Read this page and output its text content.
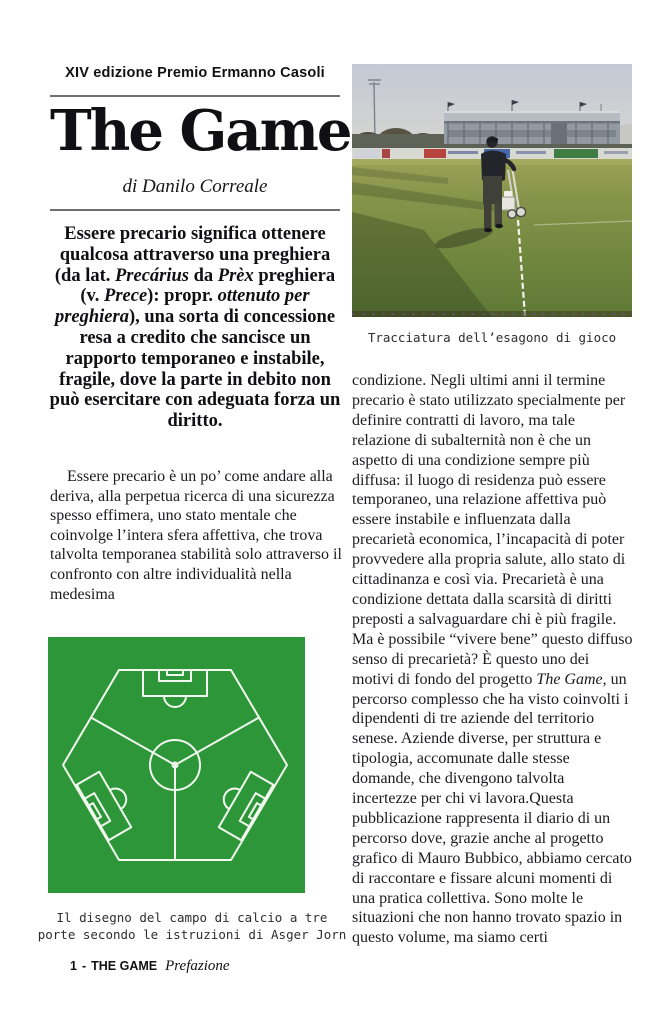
XIV edizione Premio Ermanno Casoli
The Game
di Danilo Correale
Essere precario significa ottenere qualcosa attraverso una preghiera (da lat. Precárius da Prèx preghiera (v. Prece): propr. ottenuto per preghiera), una sorta di concessione resa a credito che sancisce un rapporto temporaneo e instabile, fragile, dove la parte in debito non può esercitare con adeguata forza un diritto.
Essere precario è un po’ come andare alla deriva, alla perpetua ricerca di una sicurezza spesso effimera, uno stato mentale che coinvolge l’intera sfera affettiva, che trova talvolta temporanea stabilità solo attraverso il confronto con altre individualità nella medesima
Il disegno del campo di calcio a tre porte secondo le istruzioni di Asger Jorn
Tracciatura dell’esagono di gioco
condizione. Negli ultimi anni il termine precario è stato utilizzato specialmente per definire contratti di lavoro, ma tale relazione di subalternità non è che un aspetto di una condizione sempre più diffusa: il luogo di residenza può essere temporaneo, una relazione affettiva può essere instabile e influenzata dalla precarietà economica, l’incapacità di poter provvedere alla propria salute, allo stato di cittadinanza e così via. Precarietà è una condizione dettata dalla scarsità di diritti preposti a salvaguardare chi è più fragile. Ma è possibile “vivere bene” questo diffuso senso di precarietà? È questo uno dei motivi di fondo del progetto The Game, un percorso complesso che ha visto coinvolti i dipendenti di tre aziende del territorio senese. Aziende diverse, per struttura e tipologia, accomunate dalle stesse domande, che divengono talvolta incertezze per chi vi lavora.Questa pubblicazione rappresenta il diario di un percorso dove, grazie anche al progetto grafico di Mauro Bubbico, abbiamo cercato di raccontare e fissare alcuni momenti di una pratica collettiva. Sono molte le situazioni che non hanno trovato spazio in questo volume, ma siamo certi
1 - THE GAME Prefazione
